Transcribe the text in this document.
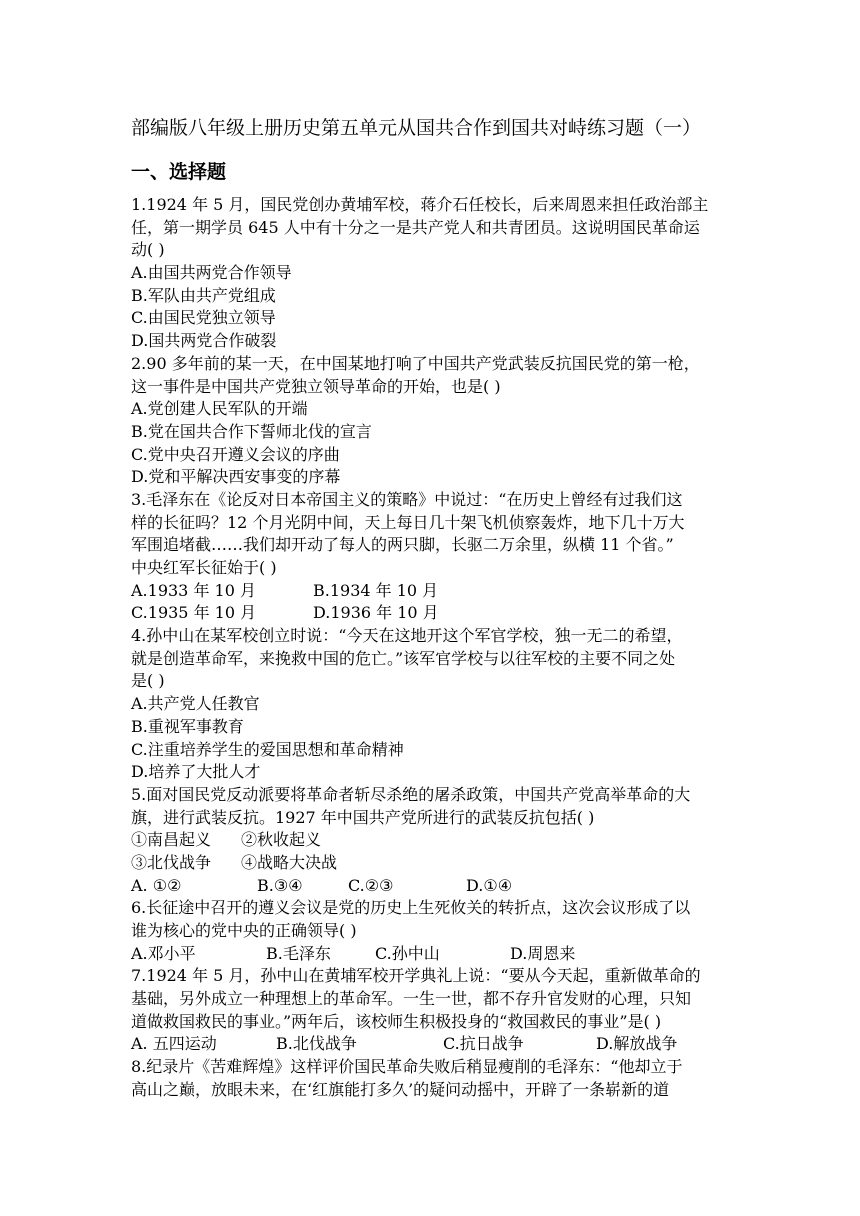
部编版八年级上册历史第五单元从国共合作到国共对峙练习题（一）
一、选择题
1.1924 年 5 月，国民党创办黄埔军校，蒋介石任校长，后来周恩来担任政治部主
任，第一期学员 645 人中有十分之一是共产党人和共青团员。这说明国民革命运
动( )
A.由国共两党合作领导
B.军队由共产党组成
C.由国民党独立领导
D.国共两党合作破裂
2.90 多年前的某一天，在中国某地打响了中国共产党武装反抗国民党的第一枪，
这一事件是中国共产党独立领导革命的开始，也是( )
A.党创建人民军队的开端
B.党在国共合作下誓师北伐的宣言
C.党中央召开遵义会议的序曲
D.党和平解决西安事变的序幕
3.毛泽东在《论反对日本帝国主义的策略》中说过：“在历史上曾经有过我们这
样的长征吗？12 个月光阴中间，天上每日几十架飞机侦察轰炸，地下几十万大
军围追堵截……我们却开动了每人的两只脚，长驱二万余里，纵横 11 个省。”
中央红军长征始于( )
A.1933 年 10 月	B.1934 年 10 月
C.1935 年 10 月	D.1936 年 10 月
4.孙中山在某军校创立时说：“今天在这地开这个军官学校，独一无二的希望，
就是创造革命军，来挽救中国的危亡。”该军官学校与以往军校的主要不同之处
是( )
A.共产党人任教官
B.重视军事教育
C.注重培养学生的爱国思想和革命精神
D.培养了大批人才
5.面对国民党反动派要将革命者斩尽杀绝的屠杀政策，中国共产党高举革命的大
旗，进行武装反抗。1927 年中国共产党所进行的武装反抗包括( )
①南昌起义	②秋收起义
③北伐战争	④战略大决战
A. ①②	B.③④	C.②③	D.①④
6.长征途中召开的遵义会议是党的历史上生死攸关的转折点，这次会议形成了以
谁为核心的党中央的正确领导( )
A.邓小平	B.毛泽东	C.孙中山	D.周恩来
7.1924 年 5 月，孙中山在黄埔军校开学典礼上说：“要从今天起，重新做革命的
基础，另外成立一种理想上的革命军。一生一世，都不存升官发财的心理，只知
道做救国救民的事业。”两年后，该校师生积极投身的“救国救民的事业”是( )
A. 五四运动	B.北伐战争	C.抗日战争	D.解放战争
8.纪录片《苦难辉煌》这样评价国民革命失败后稍显瘦削的毛泽东：“他却立于
高山之巅，放眼未来，在‘红旗能打多久’的疑问动摇中，开辟了一条崭新的道
